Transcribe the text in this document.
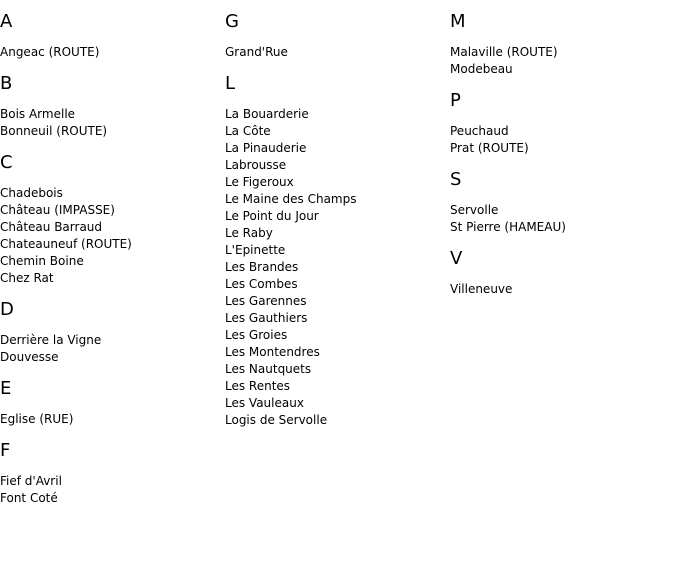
A
Angeac (ROUTE)
B
Bois Armelle
Bonneuil (ROUTE)
C
Chadebois
Château (IMPASSE)
Château Barraud
Chateauneuf (ROUTE)
Chemin Boine
Chez Rat
D
Derrière la Vigne
Douvesse
E
Eglise (RUE)
F
Fief d'Avril
Font Coté
G
Grand'Rue
L
La Bouarderie
La Côte
La Pinauderie
Labrousse
Le Figeroux
Le Maine des Champs
Le Point du Jour
Le Raby
L'Epinette
Les Brandes
Les Combes
Les Garennes
Les Gauthiers
Les Groies
Les Montendres
Les Nautquets
Les Rentes
Les Vauleaux
Logis de Servolle
M
Malaville (ROUTE)
Modebeau
P
Peuchaud
Prat (ROUTE)
S
Servolle
St Pierre (HAMEAU)
V
Villeneuve
